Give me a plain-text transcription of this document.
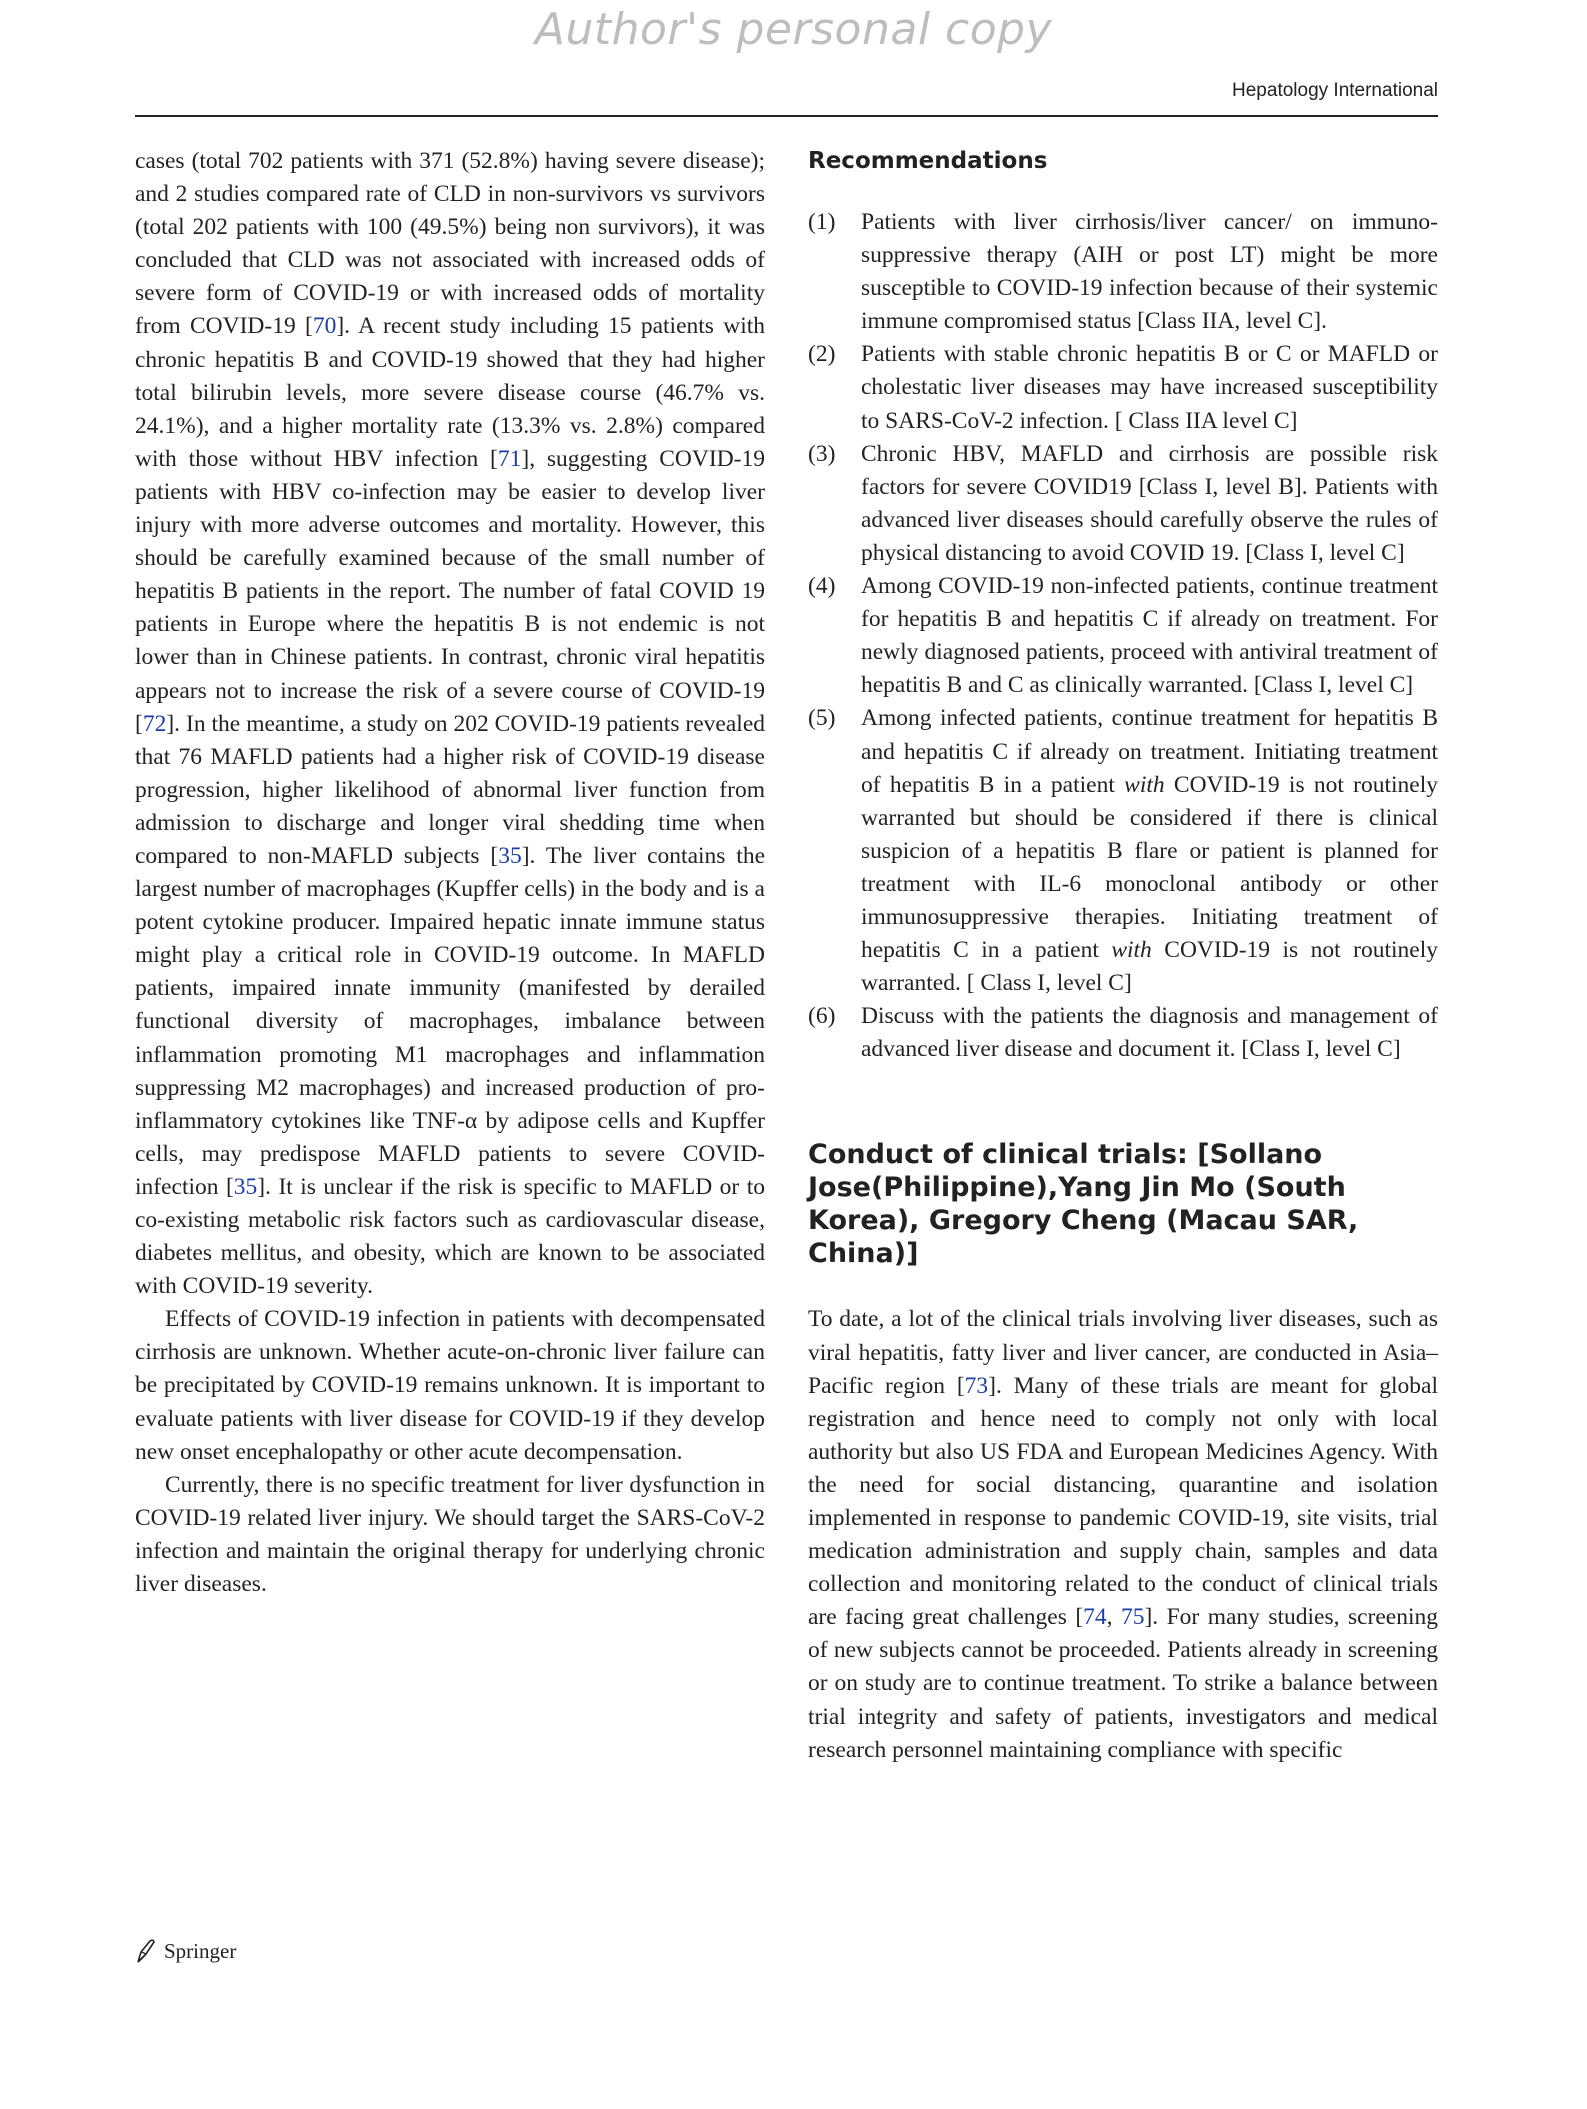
Author's personal copy
Hepatology International

cases (total 702 patients with 371 (52.8%) having severe disease); and 2 studies compared rate of CLD in non-survivors vs survivors (total 202 patients with 100 (49.5%) being non survivors), it was concluded that CLD was not associated with increased odds of severe form of COVID-19 or with increased odds of mortality from COVID-19 [70]. A recent study including 15 patients with chronic hepatitis B and COVID-19 showed that they had higher total bilirubin levels, more severe disease course (46.7% vs. 24.1%), and a higher mortality rate (13.3% vs. 2.8%) compared with those without HBV infection [71], suggesting COVID-19 patients with HBV co-infection may be easier to develop liver injury with more adverse outcomes and mortality. However, this should be carefully examined because of the small number of hepatitis B patients in the report. The number of fatal COVID 19 patients in Europe where the hepatitis B is not endemic is not lower than in Chinese patients. In contrast, chronic viral hepatitis appears not to increase the risk of a severe course of COVID-19 [72]. In the meantime, a study on 202 COVID-19 patients revealed that 76 MAFLD patients had a higher risk of COVID-19 disease progression, higher likelihood of abnormal liver function from admission to discharge and longer viral shedding time when compared to non-MAFLD subjects [35]. The liver contains the largest number of macrophages (Kupffer cells) in the body and is a potent cytokine producer. Impaired hepatic innate immune status might play a critical role in COVID-19 outcome. In MAFLD patients, impaired innate immunity (manifested by derailed functional diversity of macrophages, imbalance between inflammation promoting M1 macrophages and inflammation suppressing M2 macrophages) and increased production of pro-inflammatory cytokines like TNF-α by adipose cells and Kupffer cells, may predispose MAFLD patients to severe COVID-infection [35]. It is unclear if the risk is specific to MAFLD or to co-existing metabolic risk factors such as cardiovascular disease, diabetes mellitus, and obesity, which are known to be associated with COVID-19 severity.

Effects of COVID-19 infection in patients with decompensated cirrhosis are unknown. Whether acute-on-chronic liver failure can be precipitated by COVID-19 remains unknown. It is important to evaluate patients with liver disease for COVID-19 if they develop new onset encephalopathy or other acute decompensation.

Currently, there is no specific treatment for liver dysfunction in COVID-19 related liver injury. We should target the SARS-CoV-2 infection and maintain the original therapy for underlying chronic liver diseases.

Recommendations
(1) Patients with liver cirrhosis/liver cancer/ on immunosuppressive therapy (AIH or post LT) might be more susceptible to COVID-19 infection because of their systemic immune compromised status [Class IIA, level C].
(2) Patients with stable chronic hepatitis B or C or MAFLD or cholestatic liver diseases may have increased susceptibility to SARS-CoV-2 infection. [ Class IIA level C]
(3) Chronic HBV, MAFLD and cirrhosis are possible risk factors for severe COVID19 [Class I, level B]. Patients with advanced liver diseases should carefully observe the rules of physical distancing to avoid COVID 19. [Class I, level C]
(4) Among COVID-19 non-infected patients, continue treatment for hepatitis B and hepatitis C if already on treatment. For newly diagnosed patients, proceed with antiviral treatment of hepatitis B and C as clinically warranted. [Class I, level C]
(5) Among infected patients, continue treatment for hepatitis B and hepatitis C if already on treatment. Initiating treatment of hepatitis B in a patient with COVID-19 is not routinely warranted but should be considered if there is clinical suspicion of a hepatitis B flare or patient is planned for treatment with IL-6 monoclonal antibody or other immunosuppressive therapies. Initiating treatment of hepatitis C in a patient with COVID-19 is not routinely warranted. [ Class I, level C]
(6) Discuss with the patients the diagnosis and management of advanced liver disease and document it. [Class I, level C]
Conduct of clinical trials: [Sollano Jose(Philippine),Yang Jin Mo (South Korea), Gregory Cheng (Macau SAR, China)]

To date, a lot of the clinical trials involving liver diseases, such as viral hepatitis, fatty liver and liver cancer, are conducted in Asia–Pacific region [73]. Many of these trials are meant for global registration and hence need to comply not only with local authority but also US FDA and European Medicines Agency. With the need for social distancing, quarantine and isolation implemented in response to pandemic COVID-19, site visits, trial medication administration and supply chain, samples and data collection and monitoring related to the conduct of clinical trials are facing great challenges [74, 75]. For many studies, screening of new subjects cannot be proceeded. Patients already in screening or on study are to continue treatment. To strike a balance between trial integrity and safety of patients, investigators and medical research personnel maintaining compliance with specific

Springer
